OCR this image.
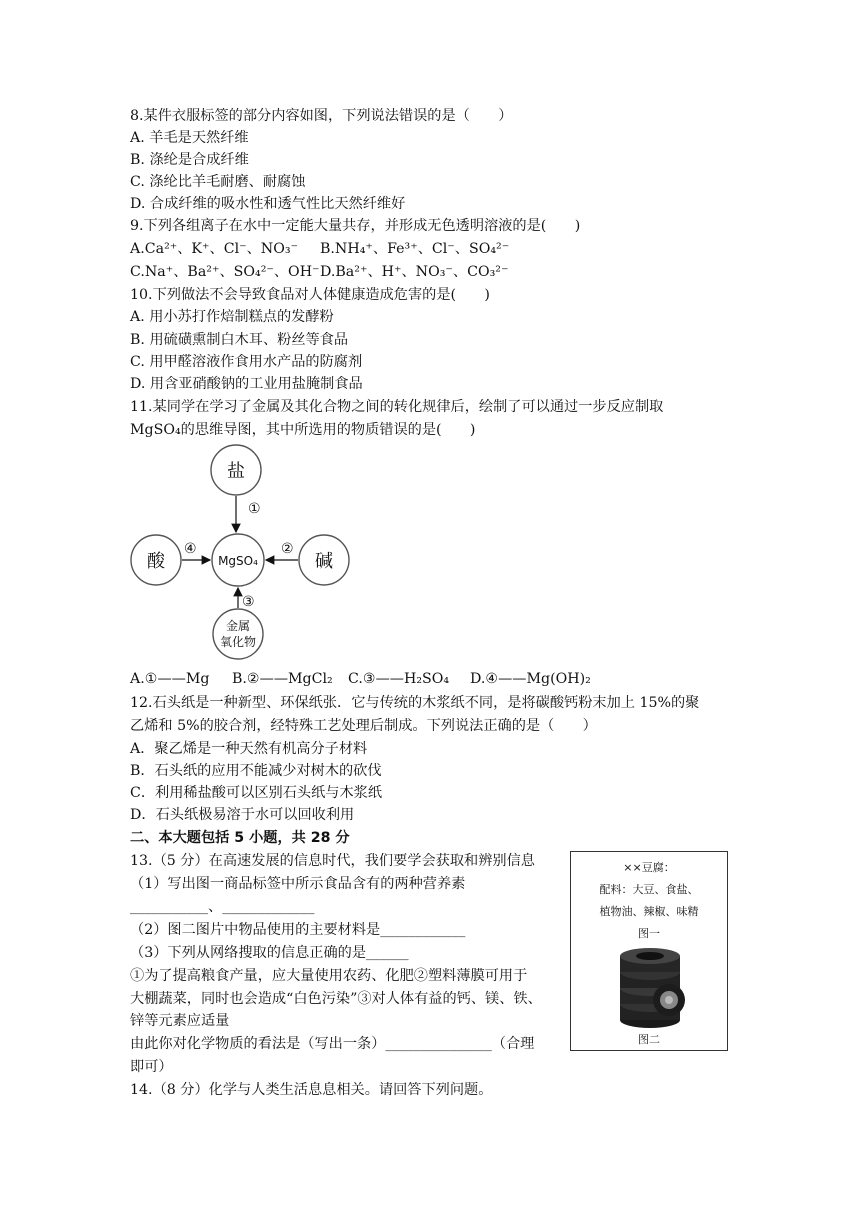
8.某件衣服标签的部分内容如图，下列说法错误的是（　　）
A. 羊毛是天然纤维
B. 涤纶是合成纤维
C. 涤纶比羊毛耐磨、耐腐蚀
D. 合成纤维的吸水性和透气性比天然纤维好
9.下列各组离子在水中一定能大量共存，并形成无色透明溶液的是(　　)
A.Ca²⁺、K⁺、Cl⁻、NO₃⁻ B.NH₄⁺、Fe³⁺、Cl⁻、SO₄²⁻
C.Na⁺、Ba²⁺、SO₄²⁻、OH⁻ D.Ba²⁺、H⁺、NO₃⁻、CO₃²⁻
10.下列做法不会导致食品对人体健康造成危害的是(　　)
A. 用小苏打作焙制糕点的发酵粉
B. 用硫磺熏制白木耳、粉丝等食品
C. 用甲醛溶液作食用水产品的防腐剂
D. 用含亚硝酸钠的工业用盐腌制食品
11.某同学在学习了金属及其化合物之间的转化规律后，绘制了可以通过一步反应制取
MgSO₄的思维导图，其中所选用的物质错误的是(　　)
盐
酸	MgSO₄	碱
金属
氧化物
①
②
③
④
A.①——Mg B.②——MgCl₂ C.③——H₂SO₄ D.④——Mg(OH)₂
12.石头纸是一种新型、环保纸张．它与传统的木浆纸不同，是将碳酸钙粉末加上 15%的聚
乙烯和 5%的胶合剂，经特殊工艺处理后制成。下列说法正确的是（　　）
A．聚乙烯是一种天然有机高分子材料
B．石头纸的应用不能减少对树木的砍伐
C．利用稀盐酸可以区别石头纸与木浆纸
D．石头纸极易溶于水可以回收利用
二、本大题包括 5 小题，共 28 分
13.（5 分）在高速发展的信息时代，我们要学会获取和辨别信息
（1）写出图一商品标签中所示食品含有的两种营养素
___________、_____________
（2）图二图片中物品使用的主要材料是____________
（3）下列从网络搜取的信息正确的是______
①为了提高粮食产量，应大量使用农药、化肥②塑料薄膜可用于
大棚蔬菜，同时也会造成“白色污染”③对人体有益的钙、镁、铁、
锌等元素应适量
由此你对化学物质的看法是（写出一条）_______________（合理
即可）
××豆腐：
配料：大豆、食盐、
植物油、辣椒、味精
图一
图二
14.（8 分）化学与人类生活息息相关。请回答下列问题。
